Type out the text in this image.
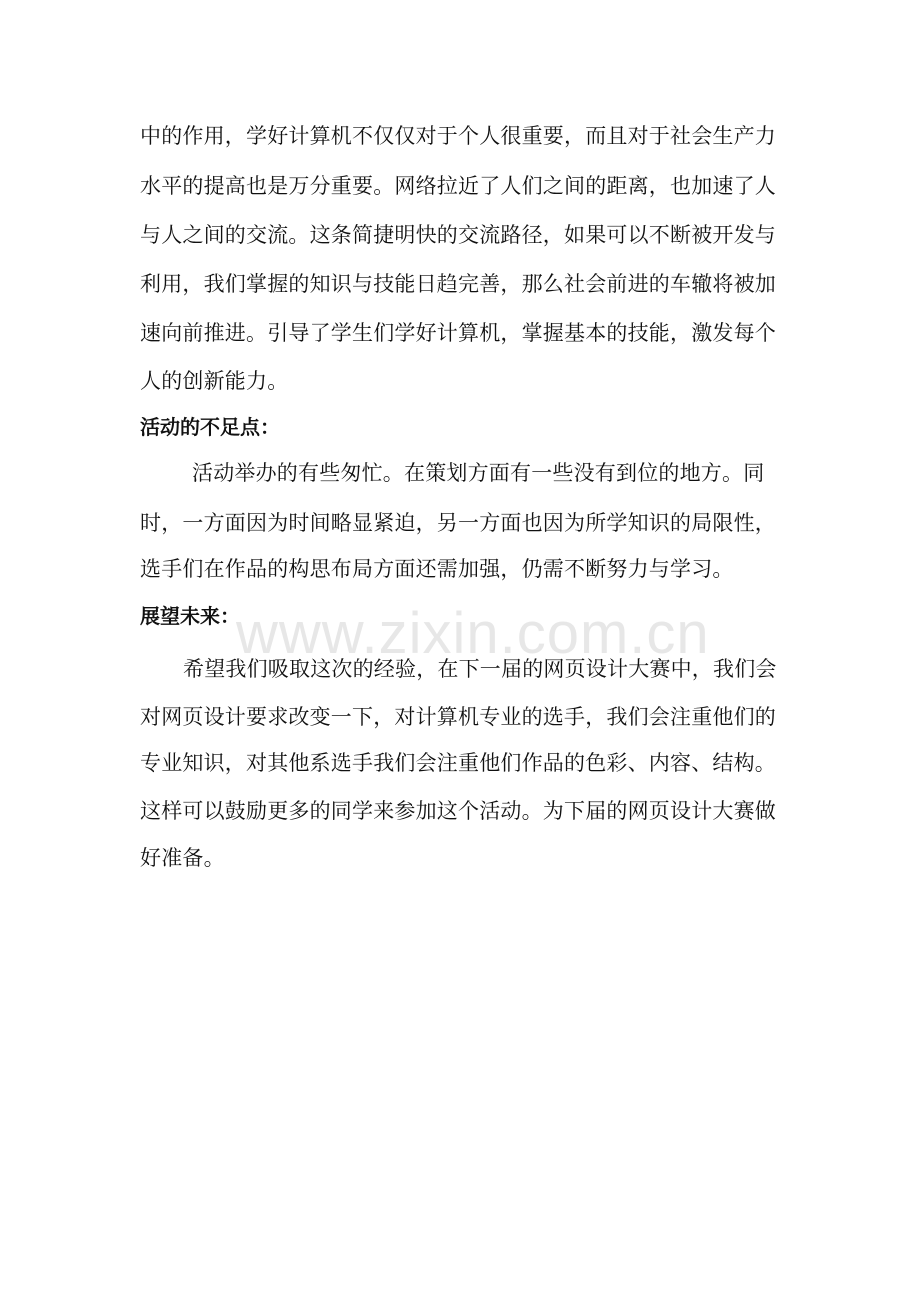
中的作用，学好计算机不仅仅对于个人很重要，而且对于社会生产力
水平的提高也是万分重要。网络拉近了人们之间的距离，也加速了人
与人之间的交流。这条简捷明快的交流路径，如果可以不断被开发与
利用，我们掌握的知识与技能日趋完善，那么社会前进的车辙将被加
速向前推进。引导了学生们学好计算机，掌握基本的技能，激发每个
人的创新能力。
活动的不足点：
活动举办的有些匆忙。在策划方面有一些没有到位的地方。同
时，一方面因为时间略显紧迫，另一方面也因为所学知识的局限性，
选手们在作品的构思布局方面还需加强，仍需不断努力与学习。
展望未来：
希望我们吸取这次的经验，在下一届的网页设计大赛中，我们会
对网页设计要求改变一下，对计算机专业的选手，我们会注重他们的
专业知识，对其他系选手我们会注重他们作品的色彩、内容、结构。
这样可以鼓励更多的同学来参加这个活动。为下届的网页设计大赛做
好准备。
www.zixin.com.cn
